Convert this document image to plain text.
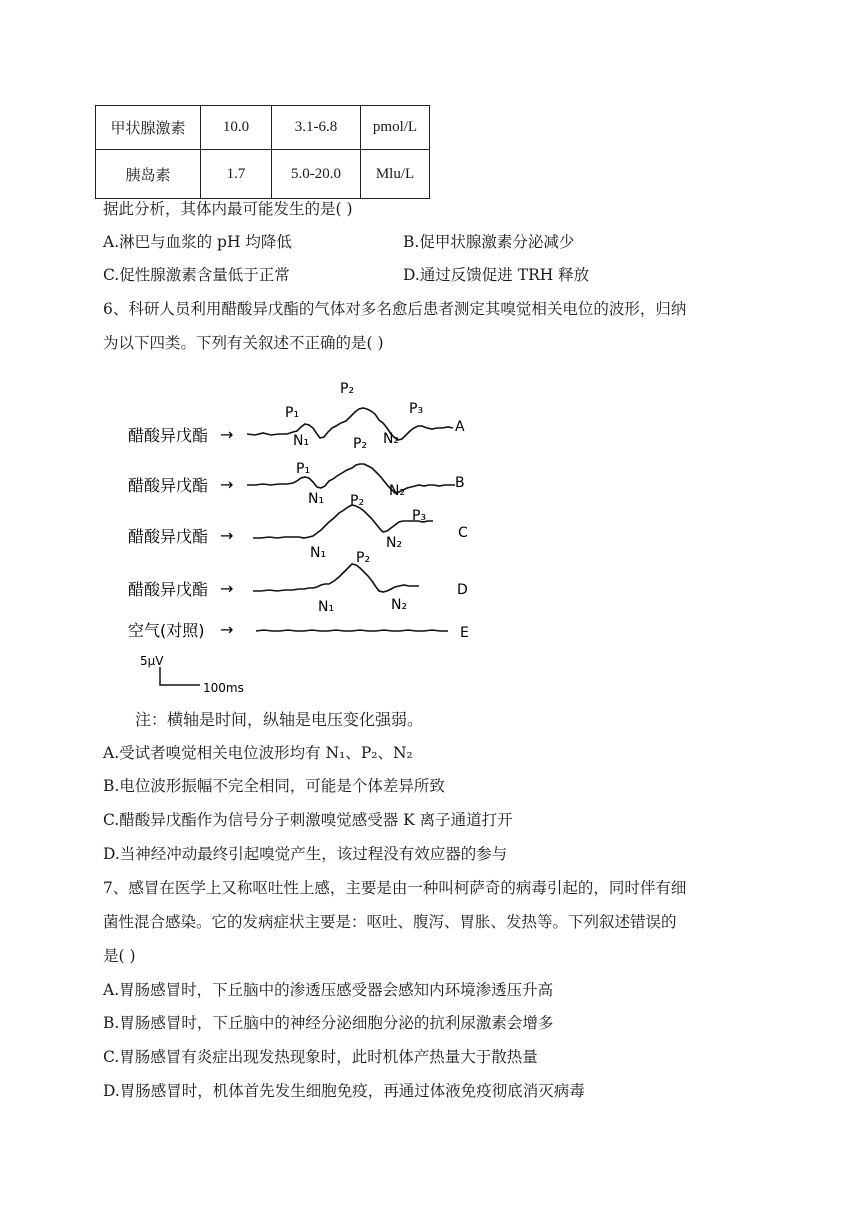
甲状腺激素	10.0	3.1-6.8	pmol/L
胰岛素	1.7	5.0-20.0	Mlu/L
据此分析，其体内最可能发生的是( )
A.淋巴与血浆的 pH 均降低	B.促甲状腺激素分泌减少
C.促性腺激素含量低于正常	D.通过反馈促进 TRH 释放
6、科研人员利用醋酸异戊酯的气体对多名愈后患者测定其嗅觉相关电位的波形，归纳
为以下四类。下列有关叙述不正确的是( )
醋酸异戊酯 →
P₁
N₁
P₂
N₂
P₃
A
醋酸异戊酯 →
P₁
N₁
P₂
N₂	B
醋酸异戊酯 →
N₁
P₂
N₂
P₃
C
醋酸异戊酯 →
N₁
P₂
N₂
D
空气(对照) →	E
5μV
100ms
注：横轴是时间，纵轴是电压变化强弱。
A.受试者嗅觉相关电位波形均有 N₁、P₂、N₂
B.电位波形振幅不完全相同，可能是个体差异所致
C.醋酸异戊酯作为信号分子刺激嗅觉感受器 K 离子通道打开
D.当神经冲动最终引起嗅觉产生，该过程没有效应器的参与
7、感冒在医学上又称呕吐性上感，主要是由一种叫柯萨奇的病毒引起的，同时伴有细
菌性混合感染。它的发病症状主要是：呕吐、腹泻、胃胀、发热等。下列叙述错误的
是( )
A.胃肠感冒时，下丘脑中的渗透压感受器会感知内环境渗透压升高
B.胃肠感冒时，下丘脑中的神经分泌细胞分泌的抗利尿激素会增多
C.胃肠感冒有炎症出现发热现象时，此时机体产热量大于散热量
D.胃肠感冒时，机体首先发生细胞免疫，再通过体液免疫彻底消灭病毒
